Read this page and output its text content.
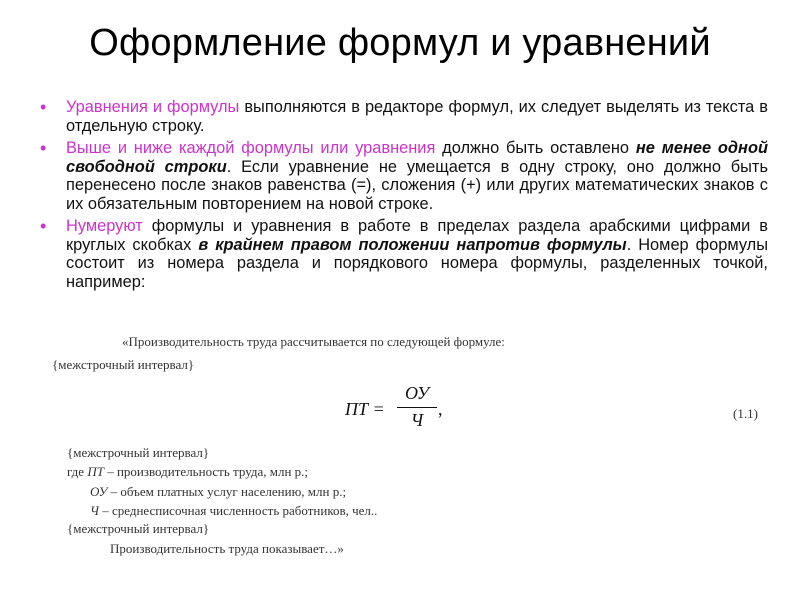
Оформление формул и уравнений
• Уравнения и формулы выполняются в редакторе формул, их следует выделять из текста в отдельную строку.
• Выше и ниже каждой формулы или уравнения должно быть оставлено не менее одной свободной строки. Если уравнение не умещается в одну строку, оно должно быть перенесено после знаков равенства (=), сложения (+) или других математических знаков с их обязательным повторением на новой строке.
• Нумеруют формулы и уравнения в работе в пределах раздела арабскими цифрами в круглых скобках в крайнем правом положении напротив формулы. Номер формулы состоит из номера раздела и порядкового номера формулы, разделенных точкой, например:
«Производительность труда рассчитывается по следующей формуле:
{межстрочный интервал}
ПТ =
ОУ
Ч
,	(1.1)
{межстрочный интервал}
где ПТ – производительность труда, млн р.;
ОУ – объем платных услуг населению, млн р.;
Ч – среднесписочная численность работников, чел..
{межстрочный интервал}
Производительность труда показывает…»
